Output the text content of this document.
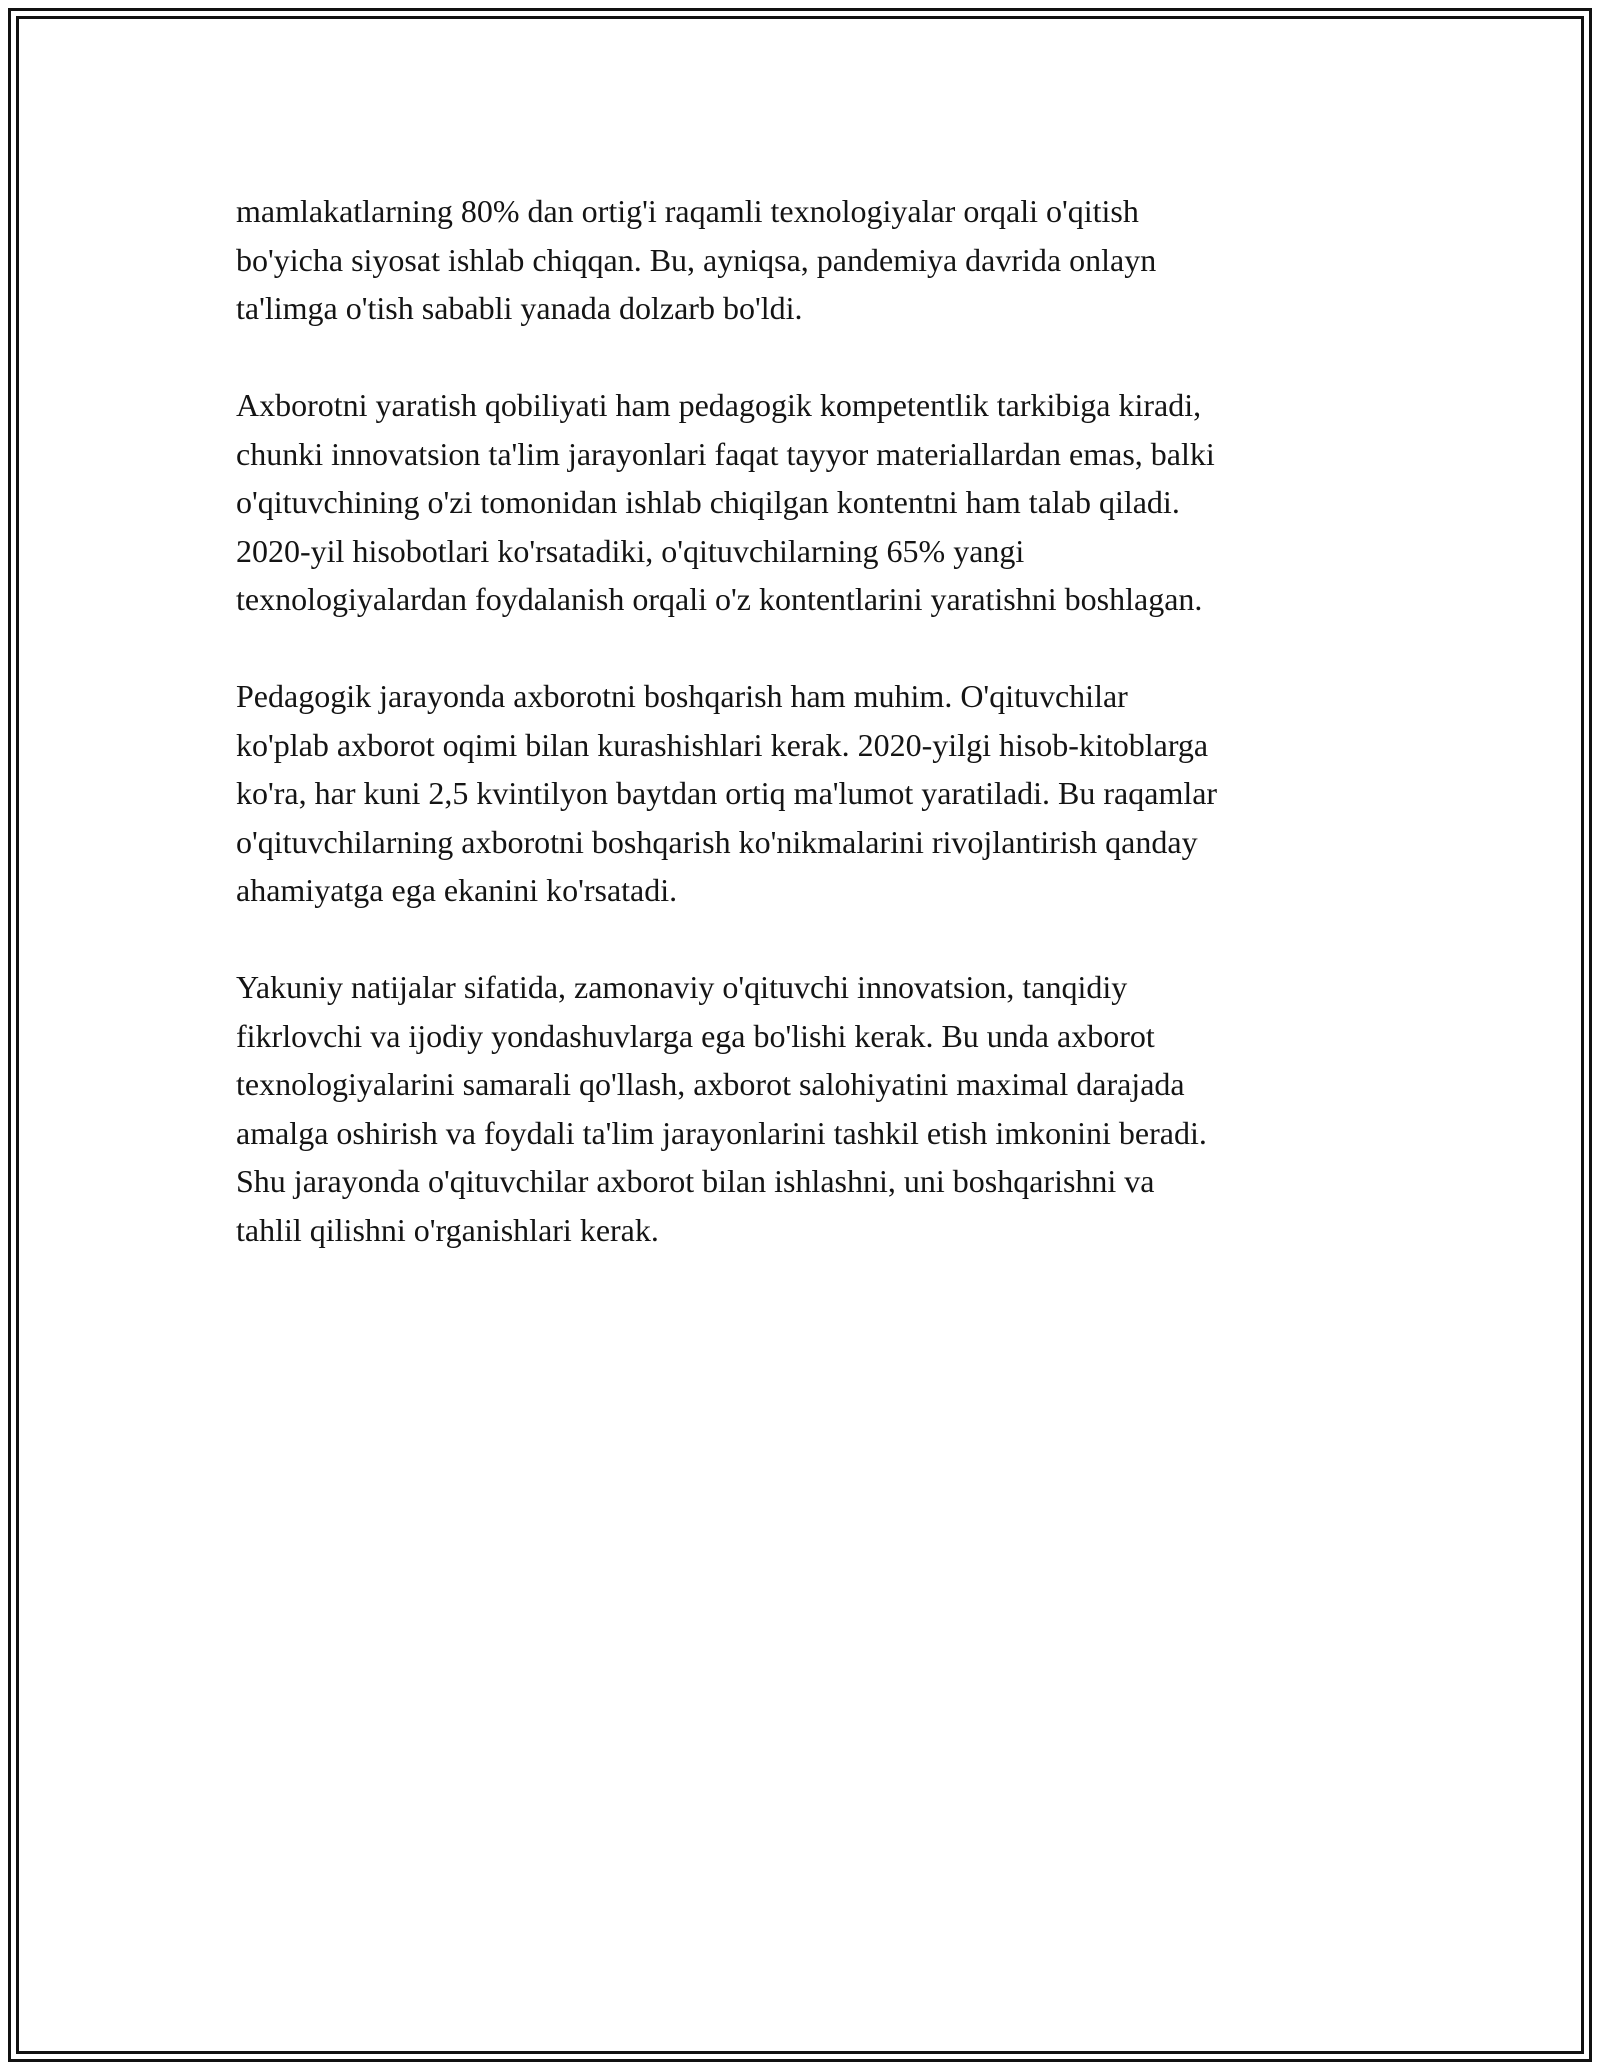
mamlakatlarning 80% dan ortig'i raqamli texnologiyalar orqali o'qitish
bo'yicha siyosat ishlab chiqqan. Bu, ayniqsa, pandemiya davrida onlayn
ta'limga o'tish sababli yanada dolzarb bo'ldi.

Axborotni yaratish qobiliyati ham pedagogik kompetentlik tarkibiga kiradi,
chunki innovatsion ta'lim jarayonlari faqat tayyor materiallardan emas, balki
o'qituvchining o'zi tomonidan ishlab chiqilgan kontentni ham talab qiladi.
2020-yil hisobotlari ko'rsatadiki, o'qituvchilarning 65% yangi
texnologiyalardan foydalanish orqali o'z kontentlarini yaratishni boshlagan.

Pedagogik jarayonda axborotni boshqarish ham muhim. O'qituvchilar
ko'plab axborot oqimi bilan kurashishlari kerak. 2020-yilgi hisob-kitoblarga
ko'ra, har kuni 2,5 kvintilyon baytdan ortiq ma'lumot yaratiladi. Bu raqamlar
o'qituvchilarning axborotni boshqarish ko'nikmalarini rivojlantirish qanday
ahamiyatga ega ekanini ko'rsatadi.

Yakuniy natijalar sifatida, zamonaviy o'qituvchi innovatsion, tanqidiy
fikrlovchi va ijodiy yondashuvlarga ega bo'lishi kerak. Bu unda axborot
texnologiyalarini samarali qo'llash, axborot salohiyatini maximal darajada
amalga oshirish va foydali ta'lim jarayonlarini tashkil etish imkonini beradi.
Shu jarayonda o'qituvchilar axborot bilan ishlashni, uni boshqarishni va
tahlil qilishni o'rganishlari kerak.
